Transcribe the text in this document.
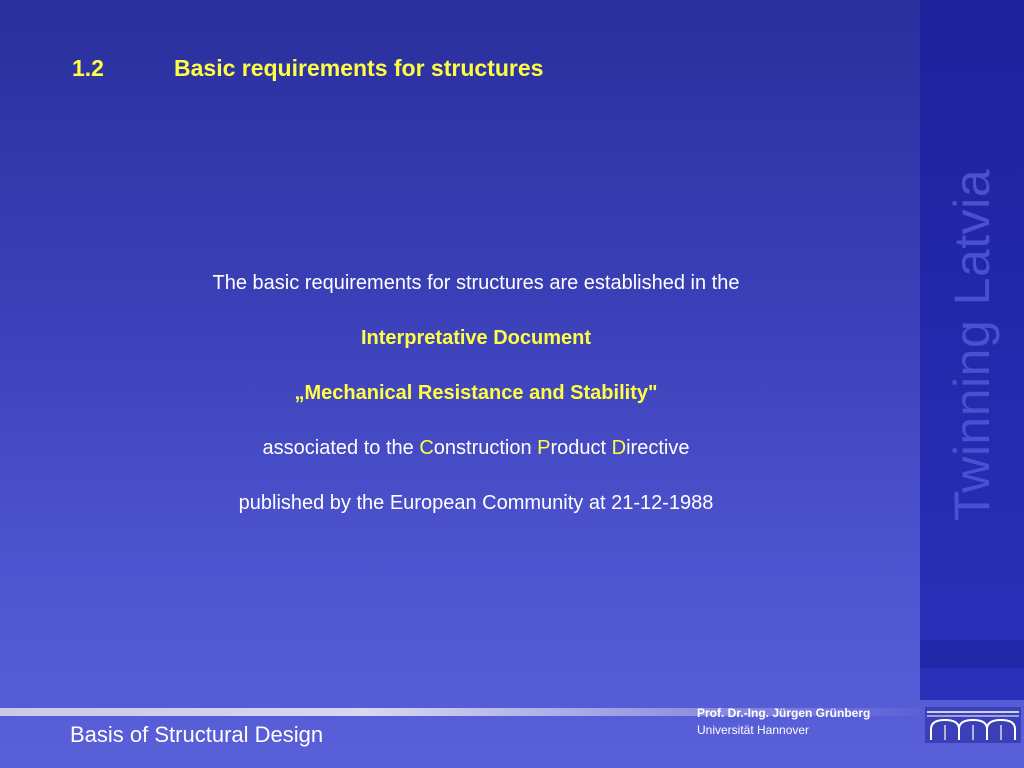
Twinning Latvia
1.2	Basic requirements for structures
The basic requirements for structures are established in the
Interpretative Document
„Mechanical Resistance and Stability"
associated to the Construction Product Directive
published by the European Community at 21-12-1988
Basis of Structural Design
Prof. Dr.-Ing. Jürgen Grünberg
Universität Hannover
